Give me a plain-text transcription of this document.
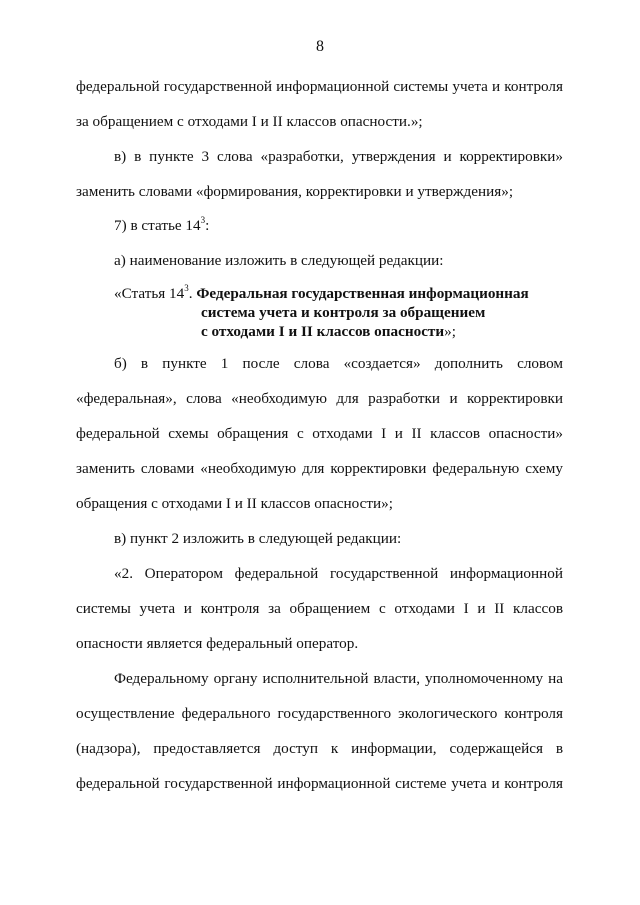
8
федеральной государственной информационной системы учета и контроля
за обращением с отходами I и II классов опасности.»;
в) в пункте 3 слова «разработки, утверждения и корректировки»
заменить словами «формирования, корректировки и утверждения»;
7) в статье $14^3$:
а) наименование изложить в следующей редакции:
«Статья $14^3$. Федеральная государственная информационная
система учета и контроля за обращением
с отходами I и II классов опасности»;
б) в пункте 1 после слова «создается» дополнить словом
«федеральная», слова «необходимую для разработки и корректировки
федеральной схемы обращения с отходами I и II классов опасности»
заменить словами «необходимую для корректировки федеральную схему
обращения с отходами I и II классов опасности»;
в) пункт 2 изложить в следующей редакции:
«2. Оператором федеральной государственной информационной
системы учета и контроля за обращением с отходами I и II классов
опасности является федеральный оператор.
Федеральному органу исполнительной власти, уполномоченному на
осуществление федерального государственного экологического контроля
(надзора), предоставляется доступ к информации, содержащейся в
федеральной государственной информационной системе учета и контроля
